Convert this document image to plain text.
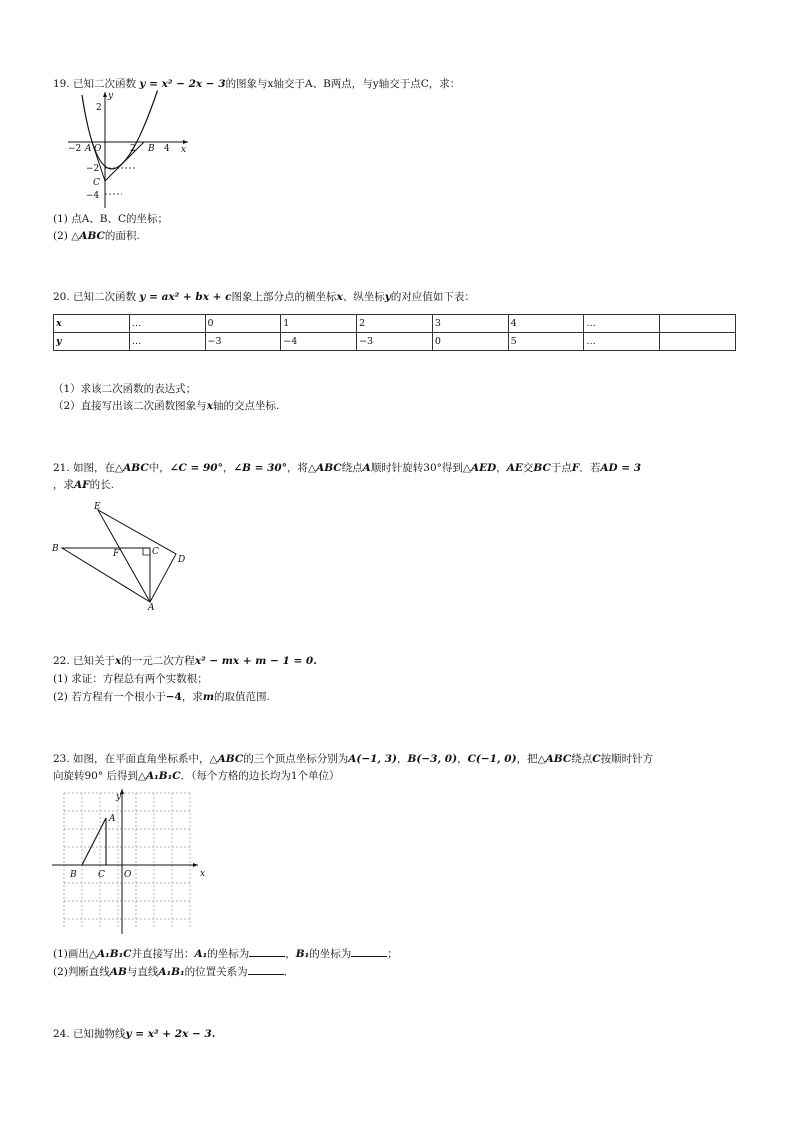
19. 已知二次函数 y = x² − 2x − 3的图象与x轴交于A、B两点，与y轴交于点C，求：
y
x
2
−2
−4
−2 A O	2 B 4
C
(1) 点A、B、C的坐标；
(2) △ABC的面积.
20. 已知二次函数 y = ax² + bx + c图象上部分点的横坐标x、纵坐标y的对应值如下表：
x	…	0	1	2	3	4	…	
y	…	−3	−4	−3	0	5	…	
（1）求该二次函数的表达式；
（2）直接写出该二次函数图象与x轴的交点坐标.
21. 如图，在△ABC中，∠C = 90°，∠B = 30°，将△ABC绕点A顺时针旋转30°得到△AED，AE交BC于点F．若AD = 3
，求AF的长.
E
B	F	C
D
A
22. 已知关于x的一元二次方程x² − mx + m − 1 = 0.
(1) 求证：方程总有两个实数根；
(2) 若方程有一个根小于−4，求m的取值范围.
23. 如图，在平面直角坐标系中，△ABC的三个顶点坐标分别为A(−1, 3)，B(−3, 0)，C(−1, 0)，把△ABC绕点C按顺时针方
向旋转90° 后得到△A₁B₁C．（每个方格的边长均为1个单位）
y
x
A
B C O
(1)画出△A₁B₁C并直接写出：A₁的坐标为	，B₁的坐标为	；
(2)判断直线AB与直线A₁B₁的位置关系为	．
24. 已知抛物线y = x² + 2x − 3.
